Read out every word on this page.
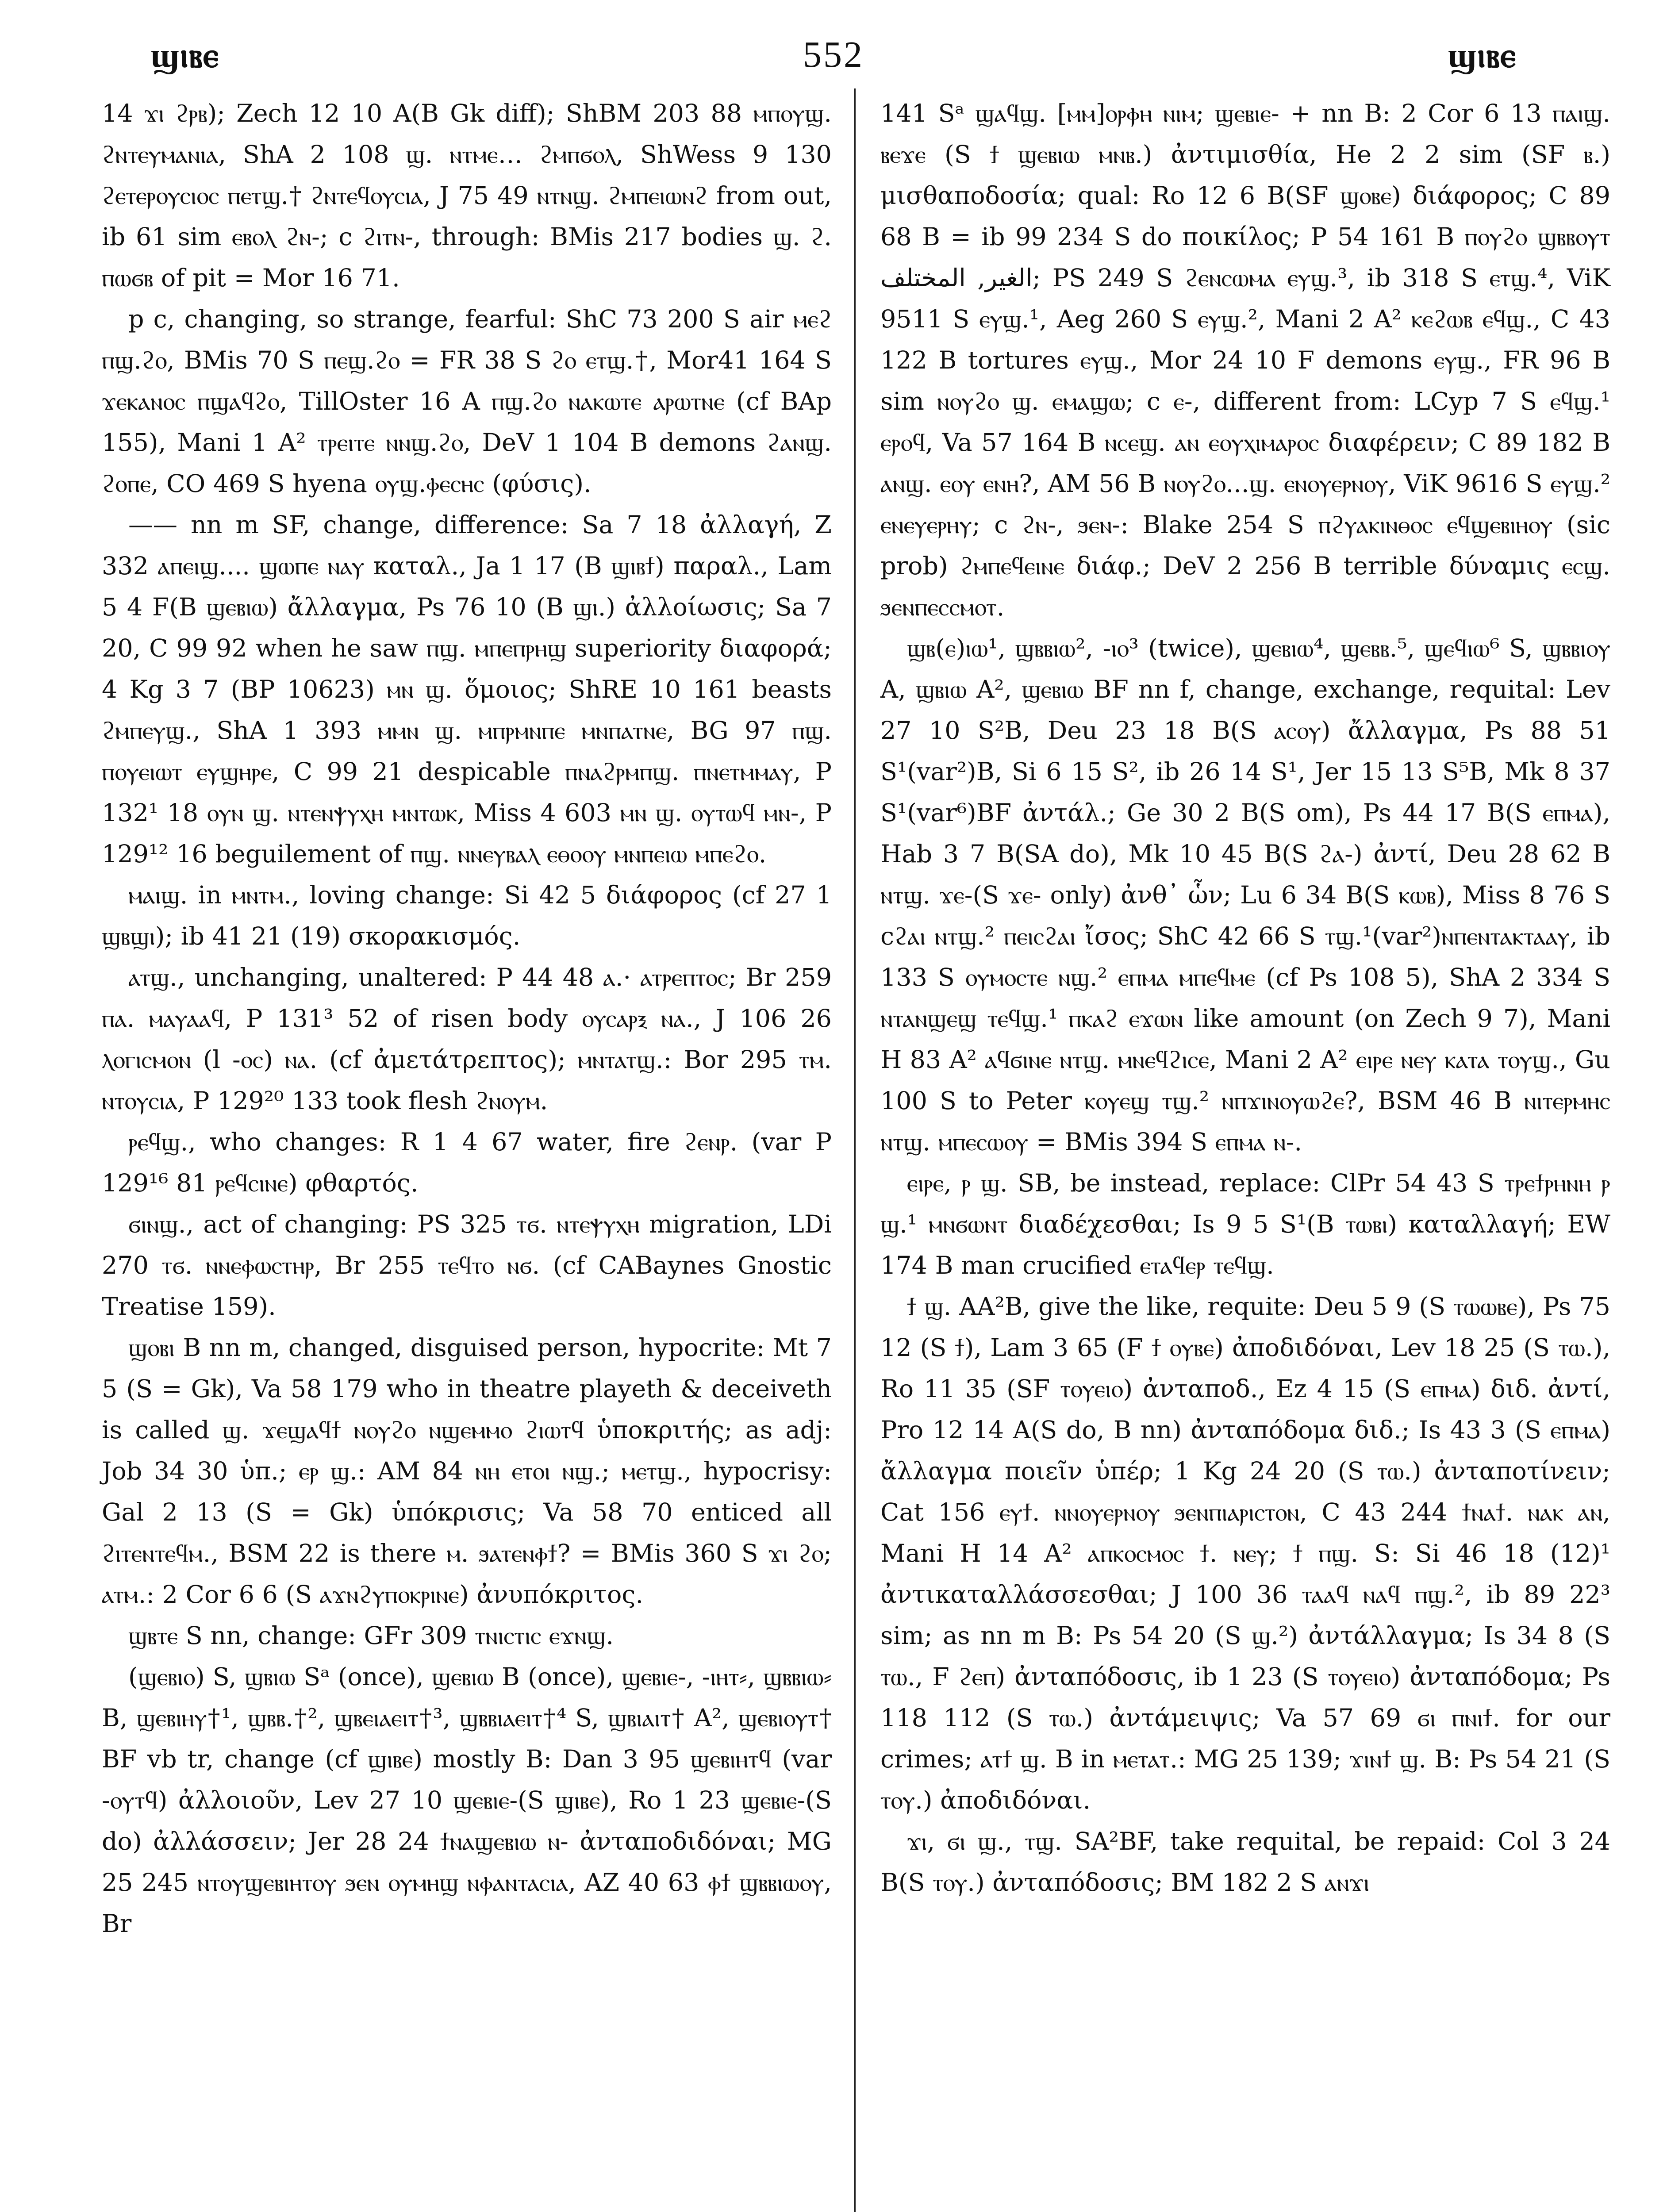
ϣⲓⲃⲉ	552	ϣⲓⲃⲉ

14 ϫⲓ ϩⲣⲃ); Zech 12 10 A(B Gk diff); ShBM 203 88 ⲙⲡⲟⲩϣ. ϩⲛⲧⲉⲩⲙⲁⲛⲓⲁ, ShA 2 108 ϣ. ⲛⲧⲙⲉ… ϩⲙⲡϭⲟⲗ, ShWess 9 130 ϩⲉⲧⲉⲣⲟⲩⲥⲓⲟⲥ ⲡⲉⲧϣ.† ϩⲛⲧⲉϥⲟⲩⲥⲓⲁ, J 75 49 ⲛⲧⲛϣ. ϩⲙⲡⲉⲓⲱⲛϩ from out, ib 61 sim ⲉⲃⲟⲗ ϩⲛ-; c ϩⲓⲧⲛ-, through: BMis 217 bodies ϣ. ϩ. ⲡⲱϭⲃ of pit = Mor 16 71.

p c, changing, so strange, fearful: ShC 73 200 S air ⲙⲉϩ ⲡϣ.ϩⲟ, BMis 70 S ⲡⲉϣ.ϩⲟ = FR 38 S ϩⲟ ⲉⲧϣ.†, Mor41 164 S ϫⲉⲕⲁⲛⲟⲥ ⲡϣⲁϥϩⲟ, TillOster 16 A ⲡϣ.ϩⲟ ⲛⲁⲕⲱⲧⲉ ⲁⲣⲱⲧⲛⲉ (cf BAp 155), Mani 1 A² ⲧⲣⲉⲓⲧⲉ ⲛⲛϣ.ϩⲟ, DeV 1 104 B demons ϩⲁⲛϣ. ϩⲟⲡⲉ, CO 469 S hyena ⲟⲩϣ.ⲫⲉⲥⲏⲥ (φύσις).

—— nn m SF, change, difference: Sa 7 18 ἀλλαγή, Z 332 ⲁⲡⲉⲓϣ.... ϣⲱⲡⲉ ⲛⲁⲩ καταλ., Ja 1 17 (B ϣⲓⲃϯ) παραλ., Lam 5 4 F(B ϣⲉⲃⲓⲱ) ἄλλαγμα, Ps 76 10 (B ϣⲓ.) ἀλλοίωσις; Sa 7 20, C 99 92 when he saw ⲡϣ. ⲙⲡⲉⲡⲣⲏϣ superiority διαφορά; 4 Kg 3 7 (BP 10623) ⲙⲛ ϣ. ὅμοιος; ShRE 10 161 beasts ϩⲙⲡⲉⲩϣ., ShA 1 393 ⲙⲙⲛ ϣ. ⲙⲡⲣⲙⲛⲡⲉ ⲙⲛⲡⲁⲧⲛⲉ, BG 97 ⲡϣ. ⲡⲟⲩⲉⲓⲱⲧ ⲉⲩϣⲏⲣⲉ, C 99 21 despicable ⲡⲛⲁϩⲣⲙⲡϣ. ⲡⲛⲉⲧⲙⲙⲁⲩ, P 132¹ 18 ⲟⲩⲛ ϣ. ⲛⲧⲉⲛⲯⲩⲭⲏ ⲙⲛⲧⲱⲕ, Miss 4 603 ⲙⲛ ϣ. ⲟⲩⲧⲱϥ ⲙⲛ-, P 129¹² 16 beguilement of ⲡϣ. ⲛⲛⲉⲩⲃⲁⲗ ⲉⲑⲟⲟⲩ ⲙⲛⲡⲉⲓⲱ ⲙⲡⲉϩⲟ.

ⲙⲁⲓϣ. in ⲙⲛⲧⲙ., loving change: Si 42 5 διάφορος (cf 27 1 ϣⲃϣⲓ); ib 41 21 (19) σκορακισμός.

ⲁⲧϣ., unchanging, unaltered: P 44 48 ⲁ.· ⲁⲧⲣⲉⲡⲧⲟⲥ; Br 259 ⲡⲁ. ⲙⲁⲩⲁⲁϥ, P 131³ 52 of risen body ⲟⲩⲥⲁⲣⲝ ⲛⲁ., J 106 26 ⲗⲟⲅⲓⲥⲙⲟⲛ (l -ⲟⲥ) ⲛⲁ. (cf ἀμετάτρεπτος); ⲙⲛⲧⲁⲧϣ.: Bor 295 ⲧⲙ. ⲛⲧⲟⲩⲥⲓⲁ, P 129²⁰ 133 took flesh ϩⲛⲟⲩⲙ.

ⲣⲉϥϣ., who changes: R 1 4 67 water, fire ϩⲉⲛⲣ. (var P 129¹⁶ 81 ⲣⲉϥⲥⲓⲛⲉ) φθαρτός.

ϭⲓⲛϣ., act of changing: PS 325 ⲧϭ. ⲛⲧⲉⲯⲩⲭⲏ migration, LDi 270 ⲧϭ. ⲛⲛⲉⲫⲱⲥⲧⲏⲣ, Br 255 ⲧⲉϥⲧⲟ ⲛϭ. (cf CABaynes Gnostic Treatise 159).

ϣⲟⲃⲓ B nn m, changed, disguised person, hypocrite: Mt 7 5 (S = Gk), Va 58 179 who in theatre playeth & deceiveth is called ϣ. ϫⲉϣⲁϥϯ ⲛⲟⲩϩⲟ ⲛϣⲉⲙⲙⲟ ϩⲓⲱⲧϥ ὑποκριτής; as adj: Job 34 30 ὑπ.; ⲉⲣ ϣ.: AM 84 ⲛⲏ ⲉⲧⲟⲓ ⲛϣ.; ⲙⲉⲧϣ., hypocrisy: Gal 2 13 (S = Gk) ὑπόκρισις; Va 58 70 enticed all ϩⲓⲧⲉⲛⲧⲉϥⲙ., BSM 22 is there ⲙ. ϧⲁⲧⲉⲛⲫϯ? = BMis 360 S ϫⲓ ϩⲟ; ⲁⲧⲙ.: 2 Cor 6 6 (S ⲁϫⲛϩⲩⲡⲟⲕⲣⲓⲛⲉ) ἀνυπόκριτος.

ϣⲃⲧⲉ S nn, change: GFr 309 ⲧⲛⲓⲥⲧⲓⲥ ⲉϫⲛϣ.

(ϣⲉⲃⲓⲟ) S, ϣⲃⲓⲱ Sᵃ (once), ϣⲉⲃⲓⲱ B (once), ϣⲉⲃⲓⲉ-, -ⲓⲏⲧ⸗, ϣⲃⲃⲓⲱ⸗ B, ϣⲉⲃⲓⲏⲩ†¹, ϣⲃⲃ.†², ϣⲃⲉⲓⲁⲉⲓⲧ†³, ϣⲃⲃⲓⲁⲉⲓⲧ†⁴ S, ϣⲃⲓⲁⲓⲧ† A², ϣⲉⲃⲓⲟⲩⲧ† BF vb tr, change (cf ϣⲓⲃⲉ) mostly B: Dan 3 95 ϣⲉⲃⲓⲏⲧϥ (var -ⲟⲩⲧϥ) ἀλλοιοῦν, Lev 27 10 ϣⲉⲃⲓⲉ-(S ϣⲓⲃⲉ), Ro 1 23 ϣⲉⲃⲓⲉ-(S do) ἀλλάσσειν; Jer 28 24 ϯⲛⲁϣⲉⲃⲓⲱ ⲛ- ἀνταποδιδόναι; MG 25 245 ⲛⲧⲟⲩϣⲉⲃⲓⲏⲧⲟⲩ ϧⲉⲛ ⲟⲩⲙⲏϣ ⲛⲫⲁⲛⲧⲁⲥⲓⲁ, AZ 40 63 ⲫϯ ϣⲃⲃⲓⲱⲟⲩ, Br

141 Sᵃ ϣⲁϥϣ. [ⲙⲙ]ⲟⲣⲫⲏ ⲛⲓⲙ; ϣⲉⲃⲓⲉ- + nn B: 2 Cor 6 13 ⲡⲁⲓϣ. ⲃⲉϫⲉ (S ϯ ϣⲉⲃⲓⲱ ⲙⲛⲃ.) ἀντιμισθία, He 2 2 sim (SF ⲃ.) μισθαποδοσία; qual: Ro 12 6 B(SF ϣⲟⲃⲉ) διάφορος; C 89 68 B = ib 99 234 S do ποικίλος; P 54 161 B ⲡⲟⲩϩⲟ ϣⲃⲃⲟⲩⲧ ﺍﻟﻐﻴﺮ, ﺍﻟﻤﺨﺘﻠﻒ; PS 249 S ϩⲉⲛⲥⲱⲙⲁ ⲉⲩϣ.³, ib 318 S ⲉⲧϣ.⁴, ViK 9511 S ⲉⲩϣ.¹, Aeg 260 S ⲉⲩϣ.², Mani 2 A² ⲕⲉϩⲱⲃ ⲉϥϣ., C 43 122 B tortures ⲉⲩϣ., Mor 24 10 F demons ⲉⲩϣ., FR 96 B sim ⲛⲟⲩϩⲟ ϣ. ⲉⲙⲁϣⲱ; c ⲉ-, different from: LCyp 7 S ⲉϥϣ.¹ ⲉⲣⲟϥ, Va 57 164 B ⲛⲥⲉϣ. ⲁⲛ ⲉⲟⲩⲭⲓⲙⲁⲣⲟⲥ διαφέρειν; C 89 182 B ⲁⲛϣ. ⲉⲟⲩ ⲉⲛⲏ?, AM 56 B ⲛⲟⲩϩⲟ...ϣ. ⲉⲛⲟⲩⲉⲣⲛⲟⲩ, ViK 9616 S ⲉⲩϣ.² ⲉⲛⲉⲩⲉⲣⲏⲩ; c ϩⲛ-, ϧⲉⲛ-: Blake 254 S ⲡϩⲩⲁⲕⲓⲛⲑⲟⲥ ⲉϥϣⲉⲃⲓⲏⲟⲩ (sic prob) ϩⲙⲡⲉϥⲉⲓⲛⲉ διάφ.; DeV 2 256 B terrible δύναμις ⲉⲥϣ. ϧⲉⲛⲡⲉⲥⲥⲙⲟⲧ.

ϣⲃ(ⲉ)ⲓⲱ¹, ϣⲃⲃⲓⲱ², -ⲓⲟ³ (twice), ϣⲉⲃⲓⲱ⁴, ϣⲉⲃⲃ.⁵, ϣⲉϥⲓⲱ⁶ S, ϣⲃⲃⲓⲟⲩ A, ϣⲃⲓⲱ A², ϣⲉⲃⲓⲱ BF nn f, change, exchange, requital: Lev 27 10 S²B, Deu 23 18 B(S ⲁⲥⲟⲩ) ἄλλαγμα, Ps 88 51 S¹(var²)B, Si 6 15 S², ib 26 14 S¹, Jer 15 13 S⁵B, Mk 8 37 S¹(var⁶)BF ἀντάλ.; Ge 30 2 B(S om), Ps 44 17 B(S ⲉⲡⲙⲁ), Hab 3 7 B(SA do), Mk 10 45 B(S ϩⲁ-) ἀντί, Deu 28 62 B ⲛⲧϣ. ϫⲉ-(S ϫⲉ- only) ἀνθ᾽ ὧν; Lu 6 34 B(S ⲕⲱⲃ), Miss 8 76 S ϲϩⲁⲓ ⲛⲧϣ.² ⲡⲉⲓⲥϩⲁⲓ ἴσος; ShC 42 66 S ⲧϣ.¹(var²)ⲛⲡⲉⲛⲧⲁⲕⲧⲁⲁⲩ, ib 133 S ⲟⲩⲙⲟⲥⲧⲉ ⲛϣ.² ⲉⲡⲙⲁ ⲙⲡⲉϥⲙⲉ (cf Ps 108 5), ShA 2 334 S ⲛⲧⲁⲛϣⲉϣ ⲧⲉϥϣ.¹ ⲡⲕⲁϩ ⲉϫⲱⲛ like amount (on Zech 9 7), Mani H 83 A² ⲁϥϭⲓⲛⲉ ⲛⲧϣ. ⲙⲛⲉϥϩⲓⲥⲉ, Mani 2 A² ⲉⲓⲣⲉ ⲛⲉⲩ ⲕⲁⲧⲁ ⲧⲟⲩϣ., Gu 100 S to Peter ⲕⲟⲩⲉϣ ⲧϣ.² ⲛⲡϫⲓⲛⲟⲩⲱϩⲉ?, BSM 46 B ⲛⲓⲧⲉⲣⲙⲏⲥ ⲛⲧϣ. ⲙⲡⲉⲥⲱⲟⲩ = BMis 394 S ⲉⲡⲙⲁ ⲛ-.

ⲉⲓⲣⲉ, ⲣ ϣ. SB, be instead, replace: ClPr 54 43 S ⲧⲣⲉϯⲣⲏⲛⲏ ⲣ ϣ.¹ ⲙⲛϭⲱⲛⲧ διαδέχεσθαι; Is 9 5 S¹(B ⲧⲱⲃⲓ) καταλλαγή; EW 174 B man crucified ⲉⲧⲁϥⲉⲣ ⲧⲉϥϣ.

ϯ ϣ. AA²B, give the like, requite: Deu 5 9 (S ⲧⲱⲱⲃⲉ), Ps 75 12 (S ϯ), Lam 3 65 (F ϯ ⲟⲩⲃⲉ) ἀποδιδόναι, Lev 18 25 (S ⲧⲱ.), Ro 11 35 (SF ⲧⲟⲩⲉⲓⲟ) ἀνταποδ., Ez 4 15 (S ⲉⲡⲙⲁ) διδ. ἀντί, Pro 12 14 A(S do, B nn) ἀνταπόδομα διδ.; Is 43 3 (S ⲉⲡⲙⲁ) ἄλλαγμα ποιεῖν ὑπέρ; 1 Kg 24 20 (S ⲧⲱ.) ἀνταποτίνειν; Cat 156 ⲉⲩϯ. ⲛⲛⲟⲩⲉⲣⲛⲟⲩ ϧⲉⲛⲡⲓⲁⲣⲓⲥⲧⲟⲛ, C 43 244 ϯⲛⲁϯ. ⲛⲁⲕ ⲁⲛ, Mani H 14 A² ⲁⲡⲕⲟⲥⲙⲟⲥ ϯ. ⲛⲉⲩ; ϯ ⲡϣ. S: Si 46 18 (12)¹ ἀντικαταλλάσσεσθαι; J 100 36 ⲧⲁⲁϥ ⲛⲁϥ ⲡϣ.², ib 89 22³ sim; as nn m B: Ps 54 20 (S ϣ.²) ἀντάλλαγμα; Is 34 8 (S ⲧⲱ., F ϩⲉⲡ) ἀνταπόδοσις, ib 1 23 (S ⲧⲟⲩⲉⲓⲟ) ἀνταπόδομα; Ps 118 112 (S ⲧⲱ.) ἀντάμειψις; Va 57 69 ϭⲓ ⲡⲛⲓϯ. for our crimes; ⲁⲧϯ ϣ. B in ⲙⲉⲧⲁⲧ.: MG 25 139; ϫⲓⲛϯ ϣ. B: Ps 54 21 (S ⲧⲟⲩ.) ἀποδιδόναι.

ϫⲓ, ϭⲓ ϣ., ⲧϣ. SA²BF, take requital, be repaid: Col 3 24 B(S ⲧⲟⲩ.) ἀνταπόδοσις; BM 182 2 S ⲁⲛϫⲓ
